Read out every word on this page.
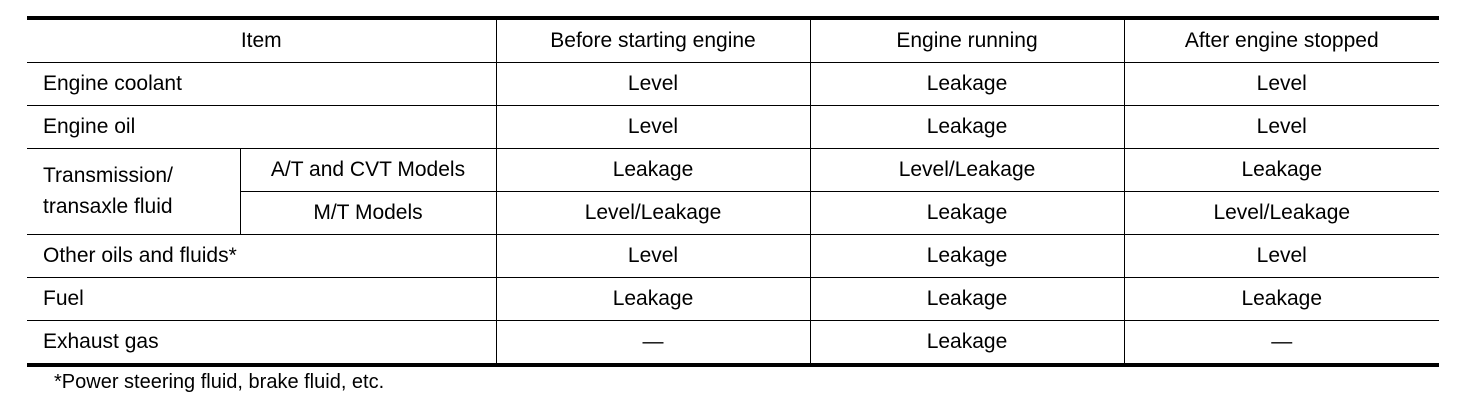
Item		Before starting engine	Engine running	After engine stopped
Engine coolant		Level	Leakage	Level
Engine oil		Level	Leakage	Level
Transmission/
transaxle fluid	A/T and CVT Models	Leakage	Level/Leakage	Leakage
	M/T Models	Level/Leakage	Leakage	Level/Leakage
Other oils and fluids*		Level	Leakage	Level
Fuel		Leakage	Leakage	Leakage
Exhaust gas		—	Leakage	—
*Power steering fluid, brake fluid, etc.
